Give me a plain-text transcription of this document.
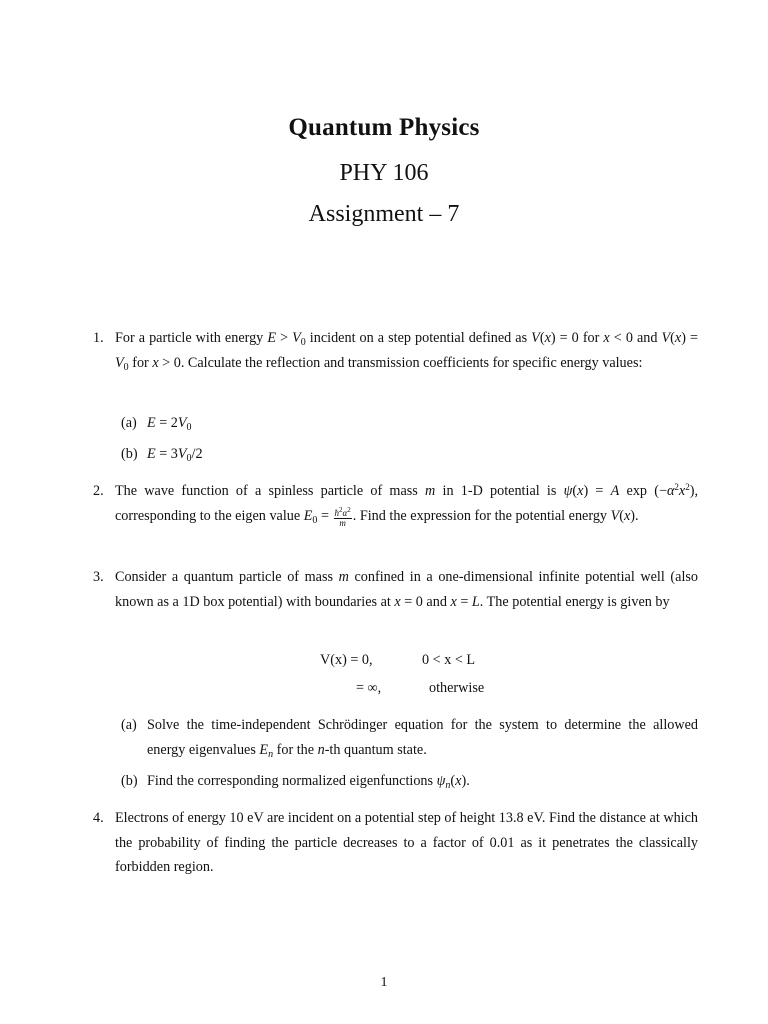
Quantum Physics
PHY 106
Assignment – 7
1. For a particle with energy $E > V_0$ incident on a step potential defined as V(x) = 0 for x < 0 and $V(x) = V_0$ for x > 0. Calculate the reflection and transmission coefficients for specific energy values:
(a) $E = 2V_0$
(b) $E = 3V_0/2$
2. The wave function of a spinless particle of mass m in 1-D potential is ψ(x) = A $\exp (-\alpha^2x^2)$, corresponding to the eigen value $E_0 = \frac{ħ^2\alpha^2}{m}$ . Find the expression for the potential energy V(x).
3. Consider a quantum particle of mass m confined in a one-dimensional infinite potential well (also known as a 1D box potential) with boundaries at x = 0 and x = L. The potential energy is given by
V(x) = 0,	0 < x < L
= ∞,	otherwise
(a) Solve the time-independent Schrödinger equation for the system to determine the allowed energy eigenvalues $E_n$ for the n-th quantum state.
(b) Find the corresponding normalized eigenfunctions $\psi_n(x)$.
4. Electrons of energy 10 eV are incident on a potential step of height 13.8 eV. Find the distance at which the probability of finding the particle decreases to a factor of 0.01 as it penetrates the classically forbidden region.
1
